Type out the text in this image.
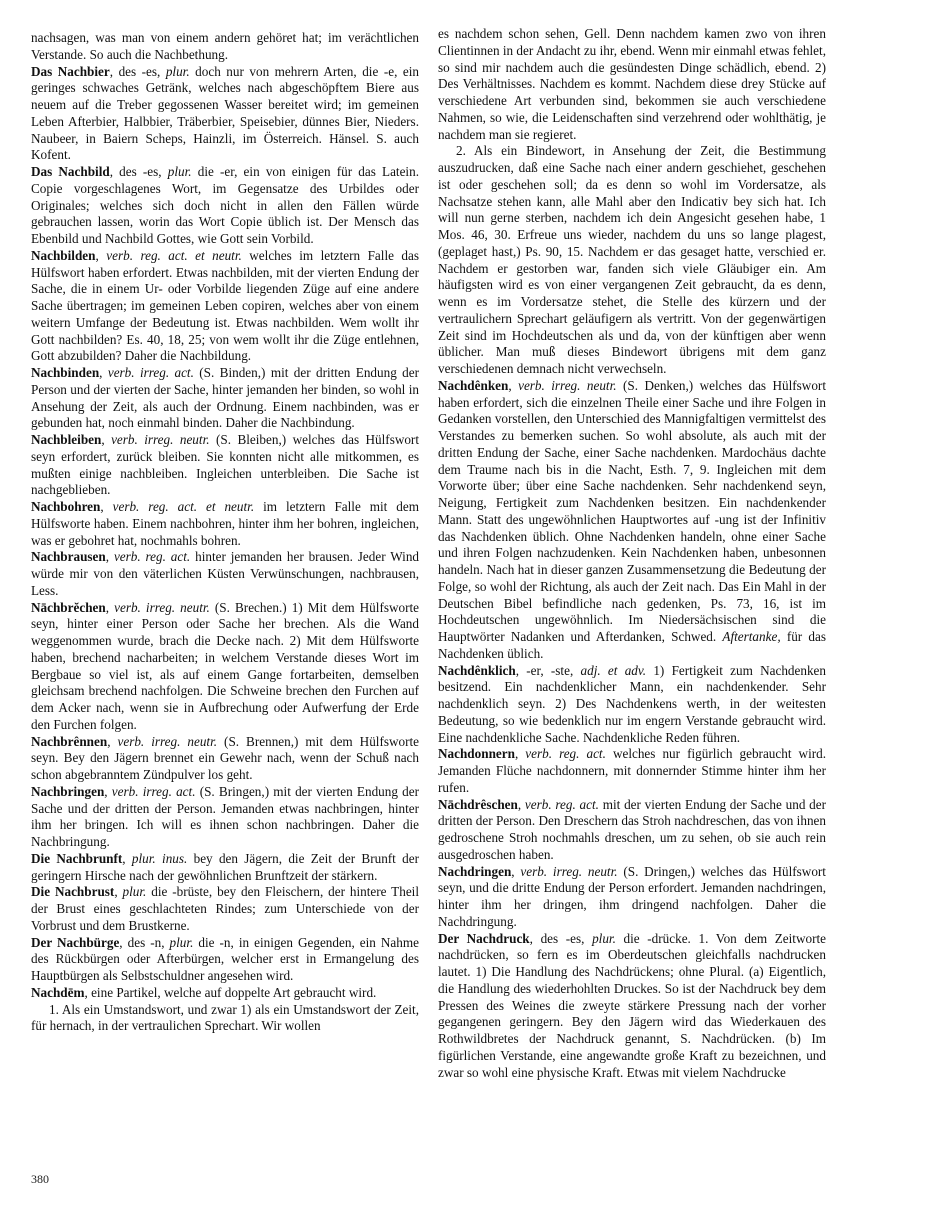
nachsagen, was man von einem andern gehöret hat; im verächtlichen Verstande. So auch die Nachbethung.

Das Nachbier, des -es, plur. doch nur von mehrern Arten, die -e, ein geringes schwaches Getränk, welches nach abgeschöpftem Biere aus neuem auf die Treber gegossenen Wasser bereitet wird; im gemeinen Leben Afterbier, Halbbier, Träberbier, Speisebier, dünnes Bier, Nieders. Naubeer, in Baiern Scheps, Hainzli, im Österreich. Hänsel. S. auch Kofent.

Das Nachbild, des -es, plur. die -er, ein von einigen für das Latein. Copie vorgeschlagenes Wort, im Gegensatze des Urbildes oder Originales; welches sich doch nicht in allen den Fällen würde gebrauchen lassen, worin das Wort Copie üblich ist. Der Mensch das Ebenbild und Nachbild Gottes, wie Gott sein Vorbild.

Nachbilden, verb. reg. act. et neutr. welches im letztern Falle das Hülfswort haben erfordert. Etwas nachbilden, mit der vierten Endung der Sache, die in einem Ur- oder Vorbilde liegenden Züge auf eine andere Sache übertragen; im gemeinen Leben copiren, welches aber von einem weitern Umfange der Bedeutung ist. Etwas nachbilden. Wem wollt ihr Gott nachbilden? Es. 40, 18, 25; von wem wollt ihr die Züge entlehnen, Gott abzubilden? Daher die Nachbildung.

Nachbinden, verb. irreg. act. (S. Binden,) mit der dritten Endung der Person und der vierten der Sache, hinter jemanden her binden, so wohl in Ansehung der Zeit, als auch der Ordnung. Einem nachbinden, was er gebunden hat, noch einmahl binden. Daher die Nachbindung.

Nachbleiben, verb. irreg. neutr. (S. Bleiben,) welches das Hülfswort seyn erfordert, zurück bleiben. Sie konnten nicht alle mitkommen, es mußten einige nachbleiben. Ingleichen unterbleiben. Die Sache ist nachgeblieben.

Nachbohren, verb. reg. act. et neutr. im letztern Falle mit dem Hülfsworte haben. Einem nachbohren, hinter ihm her bohren, ingleichen, was er gebohret hat, nochmahls bohren.

Nachbrausen, verb. reg. act. hinter jemanden her brausen. Jeder Wind würde mir von den väterlichen Küsten Verwünschungen, nachbrausen, Less.

Nāchbrĕchen, verb. irreg. neutr. (S. Brechen.) 1) Mit dem Hülfsworte seyn, hinter einer Person oder Sache her brechen. Als die Wand weggenommen wurde, brach die Decke nach. 2) Mit dem Hülfsworte haben, brechend nacharbeiten; in welchem Verstande dieses Wort im Bergbaue so viel ist, als auf einem Gange fortarbeiten, demselben gleichsam brechend nachfolgen. Die Schweine brechen den Furchen auf dem Acker nach, wenn sie in Aufbrechung oder Aufwerfung der Erde den Furchen folgen.

Nachbrênnen, verb. irreg. neutr. (S. Brennen,) mit dem Hülfsworte seyn. Bey den Jägern brennet ein Gewehr nach, wenn der Schuß nach schon abgebranntem Zündpulver los geht.

Nachbringen, verb. irreg. act. (S. Bringen,) mit der vierten Endung der Sache und der dritten der Person. Jemanden etwas nachbringen, hinter ihm her bringen. Ich will es ihnen schon nachbringen. Daher die Nachbringung.

Die Nachbrunft, plur. inus. bey den Jägern, die Zeit der Brunft der geringern Hirsche nach der gewöhnlichen Brunftzeit der stärkern.

Die Nachbrust, plur. die -brüste, bey den Fleischern, der hintere Theil der Brust eines geschlachteten Rindes; zum Unterschiede von der Vorbrust und dem Brustkerne.

Der Nachbürge, des -n, plur. die -n, in einigen Gegenden, ein Nahme des Rückbürgen oder Afterbürgen, welcher erst in Ermangelung des Hauptbürgen als Selbstschuldner angesehen wird.

Nachdēm, eine Partikel, welche auf doppelte Art gebraucht wird.

1. Als ein Umstandswort, und zwar 1) als ein Umstandswort der Zeit, für hernach, in der vertraulichen Sprechart. Wir wollen

es nachdem schon sehen, Gell. Denn nachdem kamen zwo von ihren Clientinnen in der Andacht zu ihr, ebend. Wenn mir einmahl etwas fehlet, so sind mir nachdem auch die gesündesten Dinge schädlich, ebend. 2) Des Verhältnisses. Nachdem es kommt. Nachdem diese drey Stücke auf verschiedene Art verbunden sind, bekommen sie auch verschiedene Nahmen, so wie, die Leidenschaften sind verzehrend oder wohlthätig, je nachdem man sie regieret.

2. Als ein Bindewort, in Ansehung der Zeit, die Bestimmung auszudrucken, daß eine Sache nach einer andern geschiehet, geschehen ist oder geschehen soll; da es denn so wohl im Vordersatze, als Nachsatze stehen kann, alle Mahl aber den Indicativ bey sich hat. Ich will nun gerne sterben, nachdem ich dein Angesicht gesehen habe, 1 Mos. 46, 30. Erfreue uns wieder, nachdem du uns so lange plagest, (geplaget hast,) Ps. 90, 15. Nachdem er das gesaget hatte, verschied er. Nachdem er gestorben war, fanden sich viele Gläubiger ein. Am häufigsten wird es von einer vergangenen Zeit gebraucht, da es denn, wenn es im Vordersatze stehet, die Stelle des kürzern und der vertraulichern Sprechart geläufigern als vertritt. Von der gegenwärtigen Zeit sind im Hochdeutschen als und da, von der künftigen aber wenn üblicher. Man muß dieses Bindewort übrigens mit dem ganz verschiedenen demnach nicht verwechseln.

Nachdênken, verb. irreg. neutr. (S. Denken,) welches das Hülfswort haben erfordert, sich die einzelnen Theile einer Sache und ihre Folgen in Gedanken vorstellen, den Unterschied des Mannigfaltigen vermittelst des Verstandes zu bemerken suchen. So wohl absolute, als auch mit der dritten Endung der Sache, einer Sache nachdenken. Mardochäus dachte dem Traume nach bis in die Nacht, Esth. 7, 9. Ingleichen mit dem Vorworte über; über eine Sache nachdenken. Sehr nachdenkend seyn, Neigung, Fertigkeit zum Nachdenken besitzen. Ein nachdenkender Mann. Statt des ungewöhnlichen Hauptwortes auf -ung ist der Infinitiv das Nachdenken üblich. Ohne Nachdenken handeln, ohne einer Sache und ihren Folgen nachzudenken. Kein Nachdenken haben, unbesonnen handeln. Nach hat in dieser ganzen Zusammensetzung die Bedeutung der Folge, so wohl der Richtung, als auch der Zeit nach. Das Ein Mahl in der Deutschen Bibel befindliche nach gedenken, Ps. 73, 16, ist im Hochdeutschen ungewöhnlich. Im Niedersächsischen sind die Hauptwörter Nadanken und Afterdanken, Schwed. Aftertanke, für das Nachdenken üblich.

Nachdênklich, -er, -ste, adj. et adv. 1) Fertigkeit zum Nachdenken besitzend. Ein nachdenklicher Mann, ein nachdenkender. Sehr nachdenklich seyn. 2) Des Nachdenkens werth, in der weitesten Bedeutung, so wie bedenklich nur im engern Verstande gebraucht wird. Eine nachdenkliche Sache. Nachdenkliche Reden führen.

Nachdonnern, verb. reg. act. welches nur figürlich gebraucht wird. Jemanden Flüche nachdonnern, mit donnernder Stimme hinter ihm her rufen.

Nāchdrêschen, verb. reg. act. mit der vierten Endung der Sache und der dritten der Person. Den Dreschern das Stroh nachdreschen, das von ihnen gedroschene Stroh nochmahls dreschen, um zu sehen, ob sie auch rein ausgedroschen haben.

Nachdringen, verb. irreg. neutr. (S. Dringen,) welches das Hülfswort seyn, und die dritte Endung der Person erfordert. Jemanden nachdringen, hinter ihm her dringen, ihm dringend nachfolgen. Daher die Nachdringung.

Der Nachdruck, des -es, plur. die -drücke. 1. Von dem Zeitworte nachdrücken, so fern es im Oberdeutschen gleichfalls nachdrucken lautet. 1) Die Handlung des Nachdrückens; ohne Plural. (a) Eigentlich, die Handlung des wiederhohlten Druckes. So ist der Nachdruck bey dem Pressen des Weines die zweyte stärkere Pressung nach der vorher gegangenen geringern. Bey den Jägern wird das Wiederkauen des Rothwildbretes der Nachdruck genannt, S. Nachdrücken. (b) Im figürlichen Verstande, eine angewandte große Kraft zu bezeichnen, und zwar so wohl eine physische Kraft. Etwas mit vielem Nachdrucke

380
